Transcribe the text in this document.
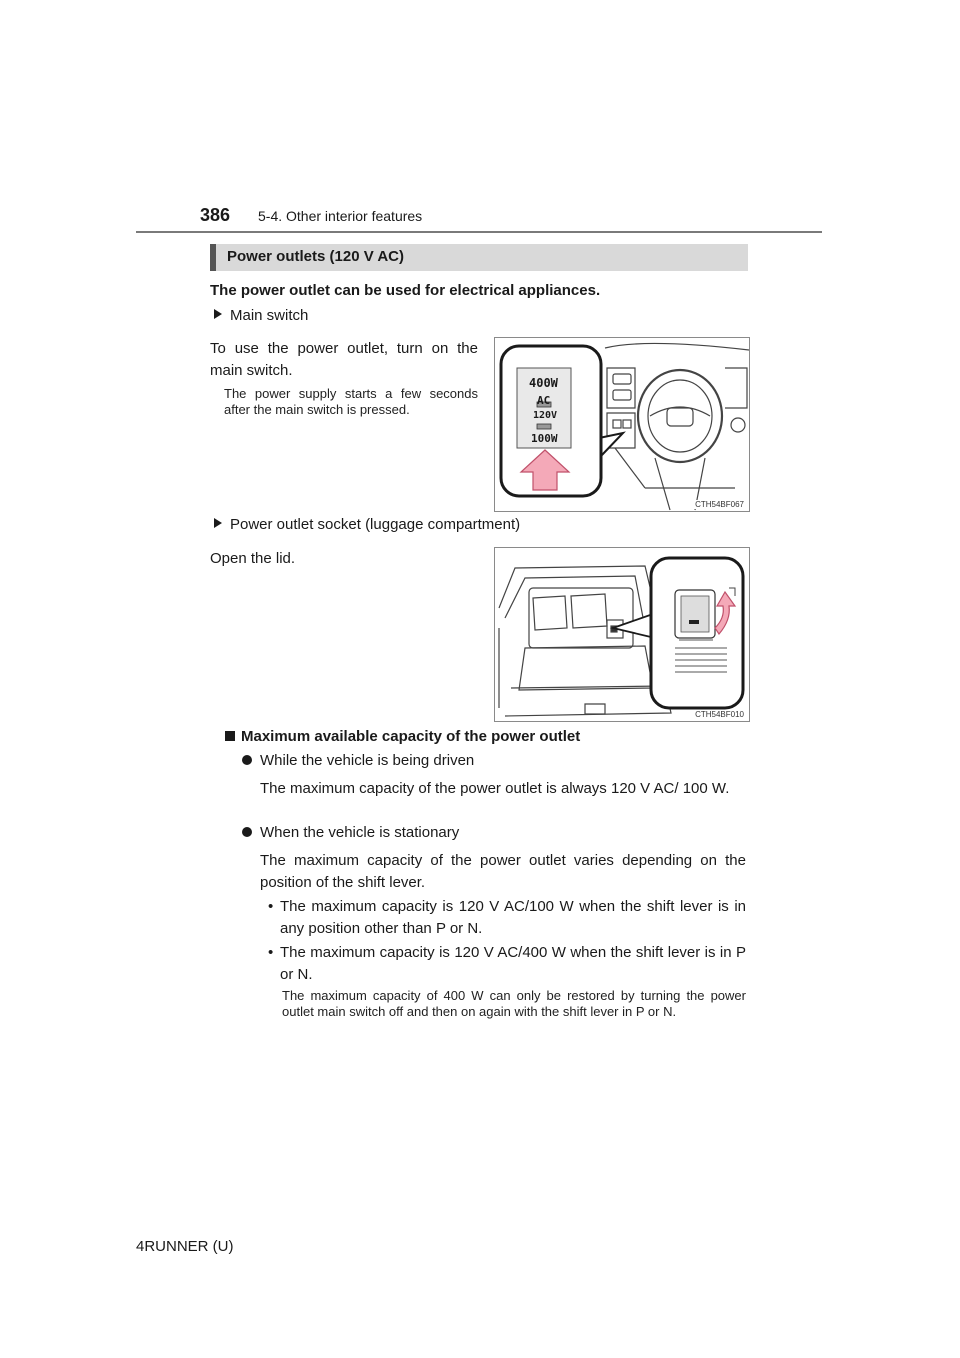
386 5-4. Other interior features
Power outlets (120 V AC)
The power outlet can be used for electrical appliances.
Main switch
To use the power outlet, turn on the main switch.
The power supply starts a few seconds after the main switch is pressed.
400W
AC
120V
100W
CTH54BF067
Power outlet socket (luggage compartment)
Open the lid.
CTH54BF010
Maximum available capacity of the power outlet
While the vehicle is being driven
The maximum capacity of the power outlet is always 120 V AC/ 100 W.
When the vehicle is stationary
The maximum capacity of the power outlet varies depending on the position of the shift lever.
• The maximum capacity is 120 V AC/100 W when the shift lever is in any position other than P or N.
• The maximum capacity is 120 V AC/400 W when the shift lever is in P or N.
The maximum capacity of 400 W can only be restored by turning the power outlet main switch off and then on again with the shift lever in P or N.
4RUNNER (U)
